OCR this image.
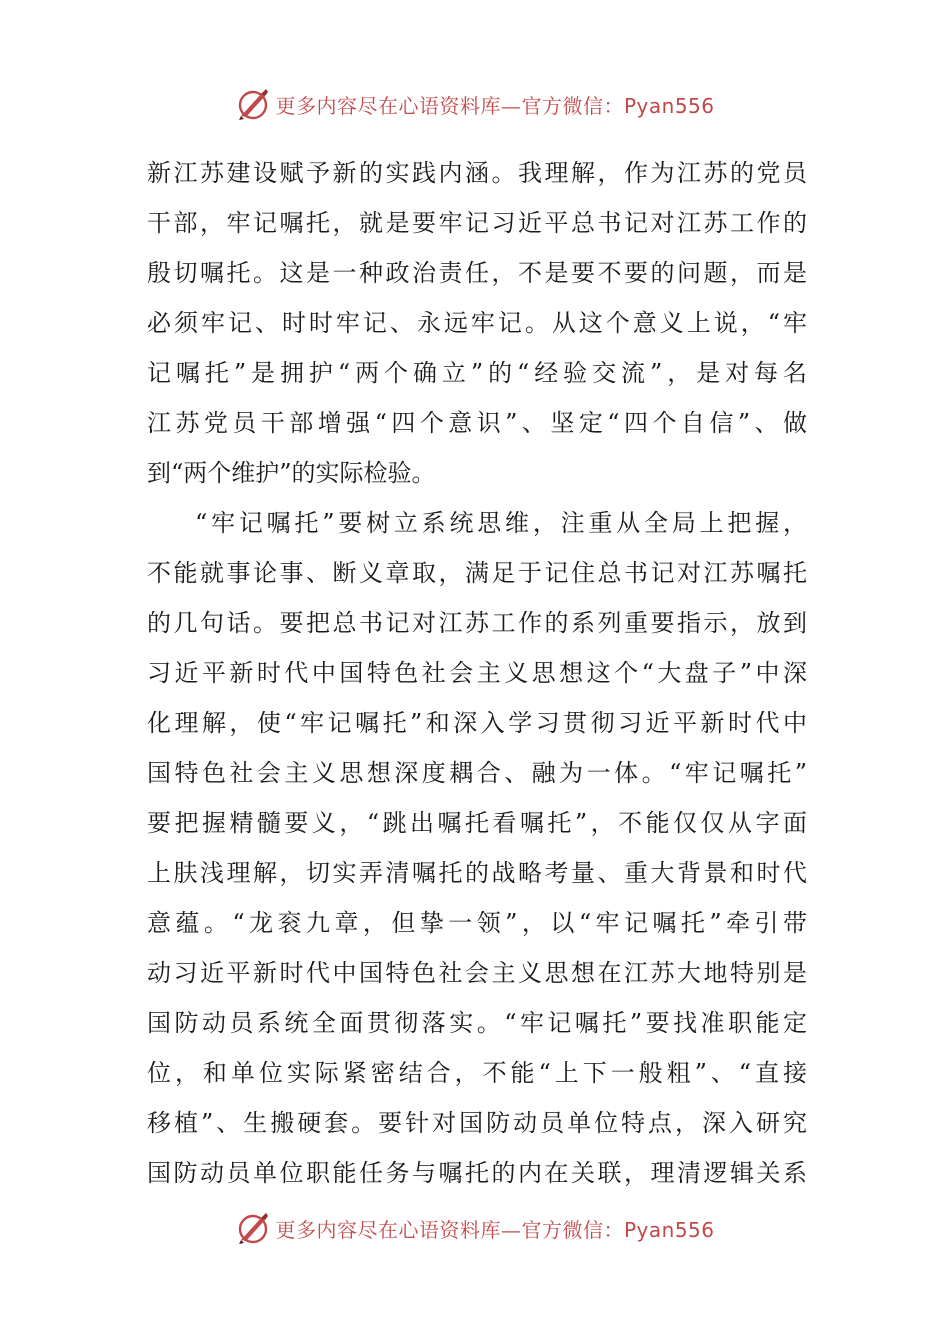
更多内容尽在心语资料库—官方微信：Pyan556
新江苏建设赋予新的实践内涵。我理解，作为江苏的党员
干部，牢记嘱托，就是要牢记习近平总书记对江苏工作的
殷切嘱托。这是一种政治责任，不是要不要的问题，而是
必须牢记、时时牢记、永远牢记。从这个意义上说，“牢
记嘱托”是拥护“两个确立”的“经验交流”，是对每名
江苏党员干部增强“四个意识”、坚定“四个自信”、做
到“两个维护”的实际检验。
“牢记嘱托”要树立系统思维，注重从全局上把握，
不能就事论事、断义章取，满足于记住总书记对江苏嘱托
的几句话。要把总书记对江苏工作的系列重要指示，放到
习近平新时代中国特色社会主义思想这个“大盘子”中深
化理解，使“牢记嘱托”和深入学习贯彻习近平新时代中
国特色社会主义思想深度耦合、融为一体。“牢记嘱托”
要把握精髓要义，“跳出嘱托看嘱托”，不能仅仅从字面
上肤浅理解，切实弄清嘱托的战略考量、重大背景和时代
意蕴。“龙衮九章，但挚一领”，以“牢记嘱托”牵引带
动习近平新时代中国特色社会主义思想在江苏大地特别是
国防动员系统全面贯彻落实。“牢记嘱托”要找准职能定
位，和单位实际紧密结合，不能“上下一般粗”、“直接
移植”、生搬硬套。要针对国防动员单位特点，深入研究
国防动员单位职能任务与嘱托的内在关联，理清逻辑关系
更多内容尽在心语资料库—官方微信：Pyan556
